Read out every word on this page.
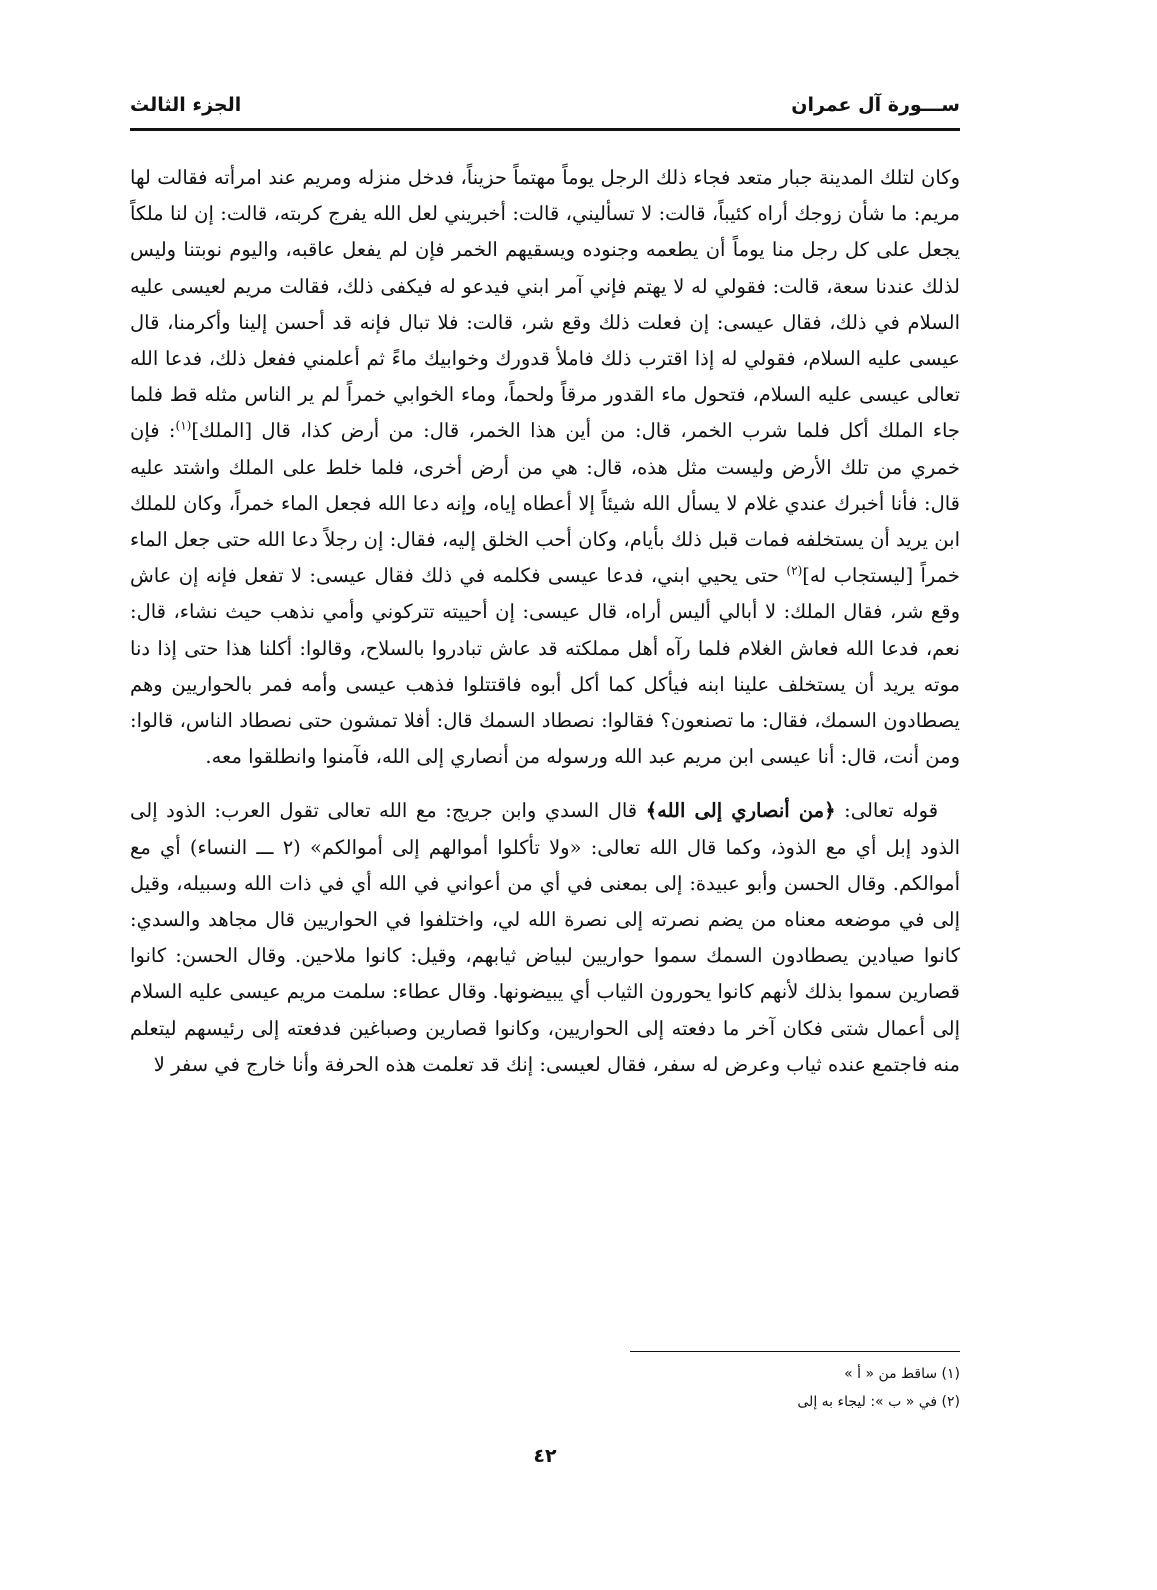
ســـورة آل عمران
الجزء الثالث

وكان لتلك المدينة جبار متعد فجاء ذلك الرجل يوماً مهتماً حزيناً، فدخل منزله ومريم عند امرأته فقالت لها مريم: ما شأن زوجك أراه كئيباً، قالت: لا تسأليني، قالت: أخبريني لعل الله يفرج كربته، قالت: إن لنا ملكاً يجعل على كل رجل منا يوماً أن يطعمه وجنوده ويسقيهم الخمر فإن لم يفعل عاقبه، واليوم نوبتنا وليس لذلك عندنا سعة، قالت: فقولي له لا يهتم فإني آمر ابني فيدعو له فيكفى ذلك، فقالت مريم لعيسى عليه السلام في ذلك، فقال عيسى: إن فعلت ذلك وقع شر، قالت: فلا تبال فإنه قد أحسن إلينا وأكرمنا، قال عيسى عليه السلام، فقولي له إذا اقترب ذلك فاملأ قدورك وخوابيك ماءً ثم أعلمني ففعل ذلك، فدعا الله تعالى عيسى عليه السلام، فتحول ماء القدور مرقاً ولحماً، وماء الخوابي خمراً لم ير الناس مثله قط فلما جاء الملك أكل فلما شرب الخمر، قال: من أين هذا الخمر، قال: من أرض كذا، قال [الملك]$^{(١)}$: فإن خمري من تلك الأرض وليست مثل هذه، قال: هي من أرض أخرى، فلما خلط على الملك واشتد عليه قال: فأنا أخبرك عندي غلام لا يسأل الله شيئاً إلا أعطاه إياه، وإنه دعا الله فجعل الماء خمراً، وكان للملك ابن يريد أن يستخلفه فمات قبل ذلك بأيام، وكان أحب الخلق إليه، فقال: إن رجلاً دعا الله حتى جعل الماء خمراً [ليستجاب له]$^{(٢)}$ حتى يحيي ابني، فدعا عيسى فكلمه في ذلك فقال عيسى: لا تفعل فإنه إن عاش وقع شر، فقال الملك: لا أبالي أليس أراه، قال عيسى: إن أحييته تتركوني وأمي نذهب حيث نشاء، قال: نعم، فدعا الله فعاش الغلام فلما رآه أهل مملكته قد عاش تبادروا بالسلاح، وقالوا: أكلنا هذا حتى إذا دنا موته يريد أن يستخلف علينا ابنه فيأكل كما أكل أبوه فاقتتلوا فذهب عيسى وأمه فمر بالحواريين وهم يصطادون السمك، فقال: ما تصنعون؟ فقالوا: نصطاد السمك قال: أفلا تمشون حتى نصطاد الناس، قالوا: ومن أنت، قال: أنا عيسى ابن مريم عبد الله ورسوله من أنصاري إلى الله، فآمنوا وانطلقوا معه.

قوله تعالى: ﴿من أنصاري إلى الله﴾ قال السدي وابن جريج: مع الله تعالى تقول العرب: الذود إلى الذود إبل أي مع الذوذ، وكما قال الله تعالى: «ولا تأكلوا أموالهم إلى أموالكم» (٢ ـــ النساء) أي مع أموالكم. وقال الحسن وأبو عبيدة: إلى بمعنى في أي من أعواني في الله أي في ذات الله وسبيله، وقيل إلى في موضعه معناه من يضم نصرته إلى نصرة الله لي، واختلفوا في الحواريين قال مجاهد والسدي: كانوا صيادين يصطادون السمك سموا حواريين لبياض ثيابهم، وقيل: كانوا ملاحين. وقال الحسن: كانوا قصارين سموا بذلك لأنهم كانوا يحورون الثياب أي يبيضونها. وقال عطاء: سلمت مريم عيسى عليه السلام إلى أعمال شتى فكان آخر ما دفعته إلى الحواريين، وكانوا قصارين وصباغين فدفعته إلى رئيسهم ليتعلم منه فاجتمع عنده ثياب وعرض له سفر، فقال لعيسى: إنك قد تعلمت هذه الحرفة وأنا خارج في سفر لا

(١) ساقط من « أ »

(٢) في « ب »: ليجاء به إلى

٤٢
